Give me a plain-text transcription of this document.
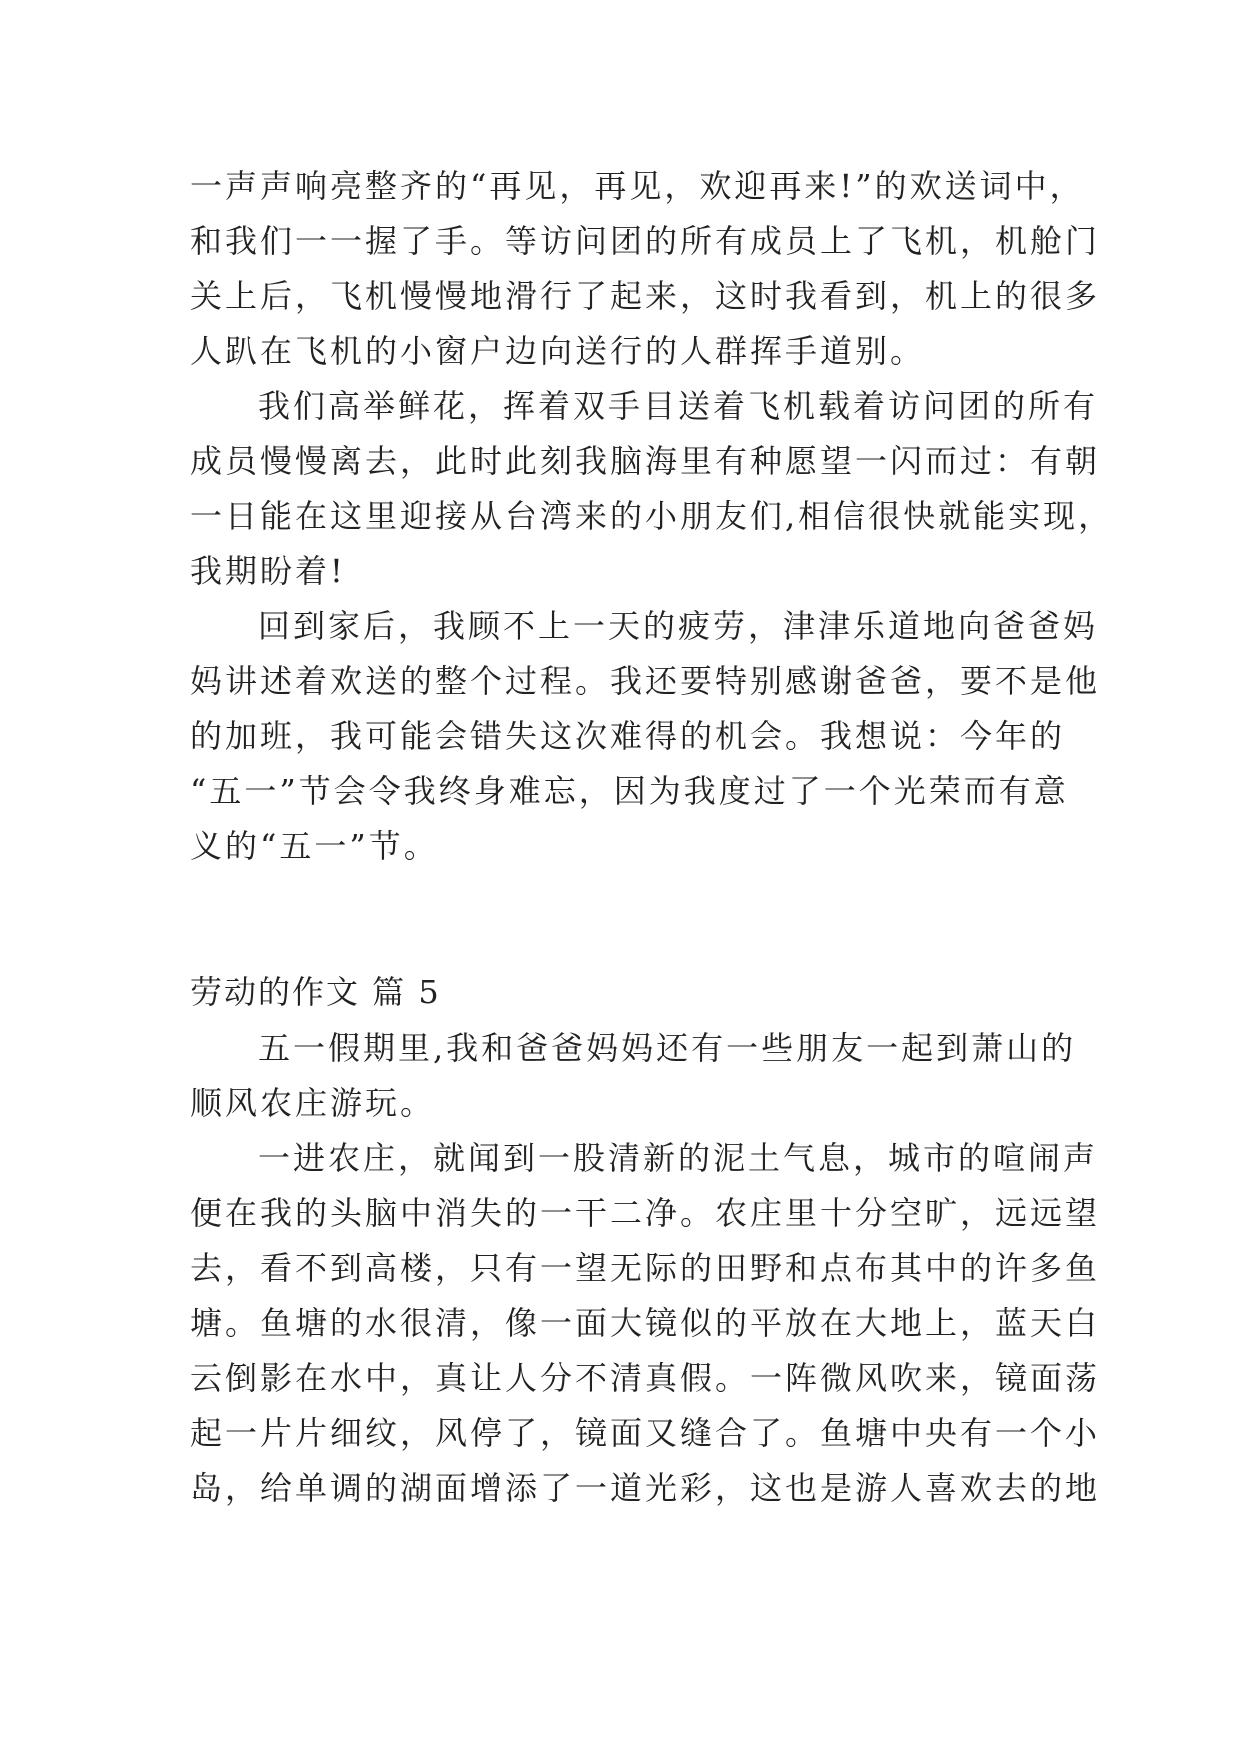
一声声响亮整齐的“再见，再见，欢迎再来!”的欢送词中，
和我们一一握了手。等访问团的所有成员上了飞机，机舱门
关上后，飞机慢慢地滑行了起来，这时我看到，机上的很多
人趴在飞机的小窗户边向送行的人群挥手道别。
我们高举鲜花，挥着双手目送着飞机载着访问团的所有
成员慢慢离去，此时此刻我脑海里有种愿望一闪而过：有朝
一日能在这里迎接从台湾来的小朋友们,相信很快就能实现，
我期盼着!
回到家后，我顾不上一天的疲劳，津津乐道地向爸爸妈
妈讲述着欢送的整个过程。我还要特别感谢爸爸，要不是他
的加班，我可能会错失这次难得的机会。我想说：今年的
“五一”节会令我终身难忘，因为我度过了一个光荣而有意
义的“五一”节。
劳动的作文 篇 5
五一假期里,我和爸爸妈妈还有一些朋友一起到萧山的
顺风农庄游玩。
一进农庄，就闻到一股清新的泥土气息，城市的喧闹声
便在我的头脑中消失的一干二净。农庄里十分空旷，远远望
去，看不到高楼，只有一望无际的田野和点布其中的许多鱼
塘。鱼塘的水很清，像一面大镜似的平放在大地上，蓝天白
云倒影在水中，真让人分不清真假。一阵微风吹来，镜面荡
起一片片细纹，风停了，镜面又缝合了。鱼塘中央有一个小
岛，给单调的湖面增添了一道光彩，这也是游人喜欢去的地
